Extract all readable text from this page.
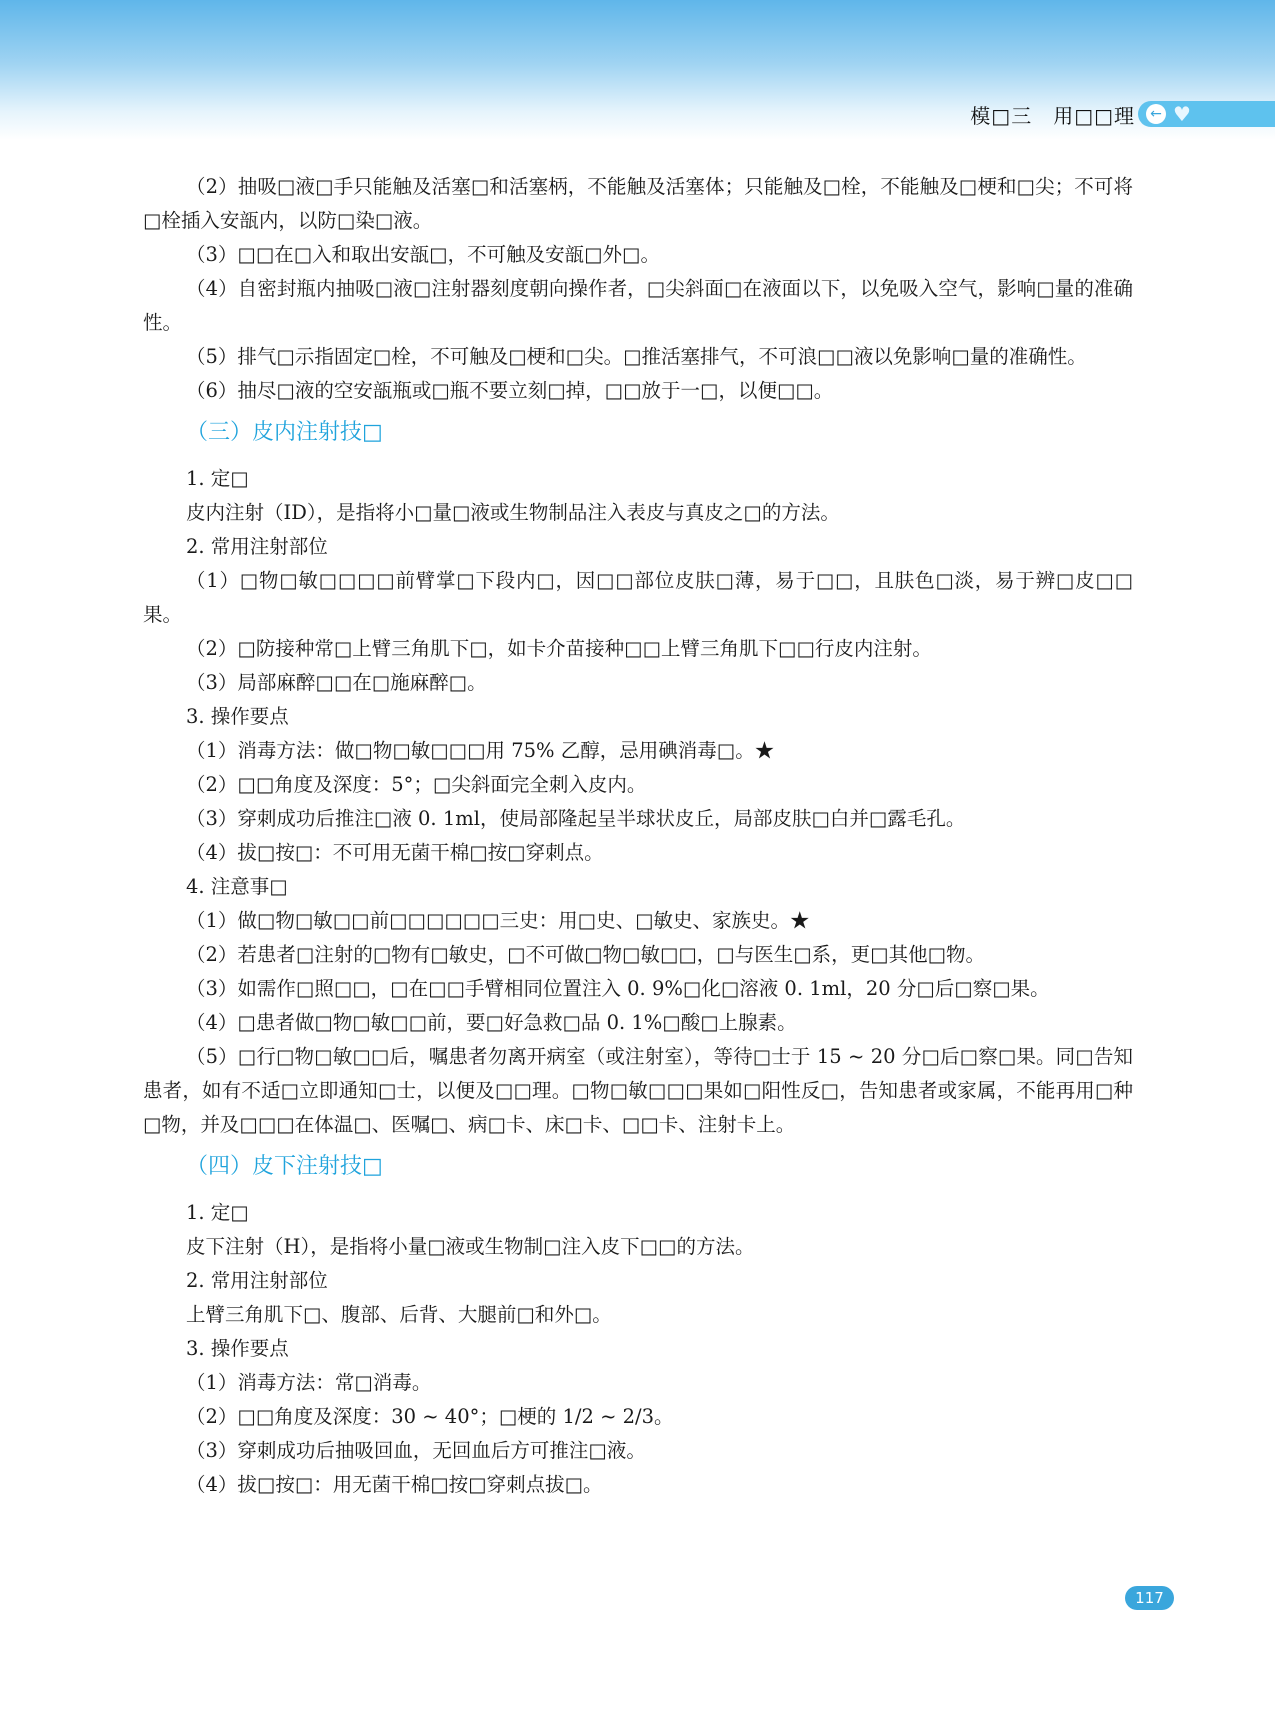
模□三　用□□理 ← ♥

（2）抽吸□液□手只能触及活塞□和活塞柄，不能触及活塞体；只能触及□栓，不能触及□梗和□尖；不可将□栓插入安瓿内，以防□染□液。

（3）□□在□入和取出安瓿□，不可触及安瓿□外□。

（4）自密封瓶内抽吸□液□注射器刻度朝向操作者，□尖斜面□在液面以下，以免吸入空气，影响□量的准确性。

（5）排气□示指固定□栓，不可触及□梗和□尖。□推活塞排气，不可浪□□液以免影响□量的准确性。

（6）抽尽□液的空安瓿瓶或□瓶不要立刻□掉，□□放于一□，以便□□。

（三）皮内注射技□

1. 定□

皮内注射（ID），是指将小□量□液或生物制品注入表皮与真皮之□的方法。

2. 常用注射部位

（1）□物□敏□□□□前臂掌□下段内□，因□□部位皮肤□薄，易于□□，且肤色□淡，易于辨□皮□□果。

（2）□防接种常□上臂三角肌下□，如卡介苗接种□□上臂三角肌下□□行皮内注射。

（3）局部麻醉□□在□施麻醉□。

3. 操作要点

（1）消毒方法：做□物□敏□□□用 75% 乙醇，忌用碘消毒□。★

（2）□□角度及深度：5°；□尖斜面完全刺入皮内。

（3）穿刺成功后推注□液 0. 1ml，使局部隆起呈半球状皮丘，局部皮肤□白并□露毛孔。

（4）拔□按□：不可用无菌干棉□按□穿刺点。

4. 注意事□

（1）做□物□敏□□前□□□□□□三史：用□史、□敏史、家族史。★

（2）若患者□注射的□物有□敏史，□不可做□物□敏□□，□与医生□系，更□其他□物。

（3）如需作□照□□，□在□□手臂相同位置注入 0. 9%□化□溶液 0. 1ml，20 分□后□察□果。

（4）□患者做□物□敏□□前，要□好急救□品 0. 1%□酸□上腺素。

（5）□行□物□敏□□后，嘱患者勿离开病室（或注射室），等待□士于 15 ~ 20 分□后□察□果。同□告知患者，如有不适□立即通知□士，以便及□□理。□物□敏□□□果如□阳性反□，告知患者或家属，不能再用□种□物，并及□□□在体温□、医嘱□、病□卡、床□卡、□□卡、注射卡上。

（四）皮下注射技□

1. 定□

皮下注射（H），是指将小量□液或生物制□注入皮下□□的方法。

2. 常用注射部位

上臂三角肌下□、腹部、后背、大腿前□和外□。

3. 操作要点

（1）消毒方法：常□消毒。

（2）□□角度及深度：30 ~ 40°；□梗的 1/2 ~ 2/3。

（3）穿刺成功后抽吸回血，无回血后方可推注□液。

（4）拔□按□：用无菌干棉□按□穿刺点拔□。

117
